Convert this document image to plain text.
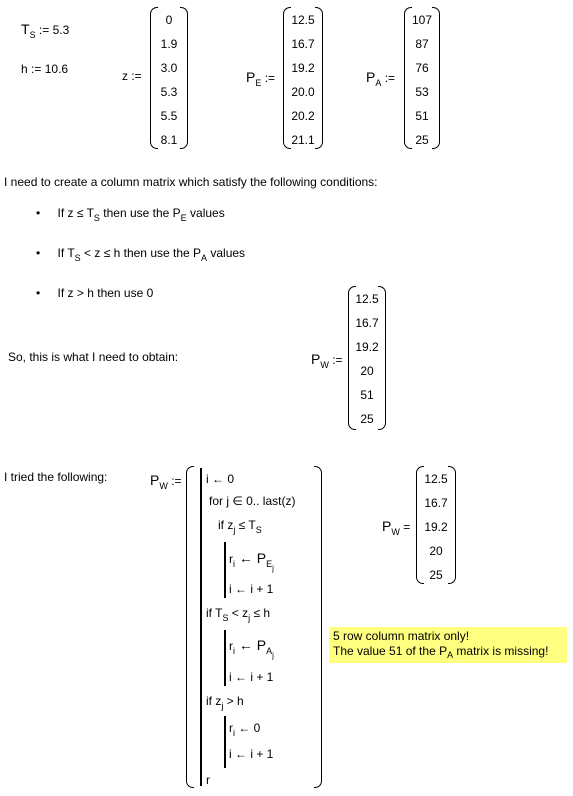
$T_S$ := 5.3
h := 10.6	z :=
0
1.9
3.0
5.3
5.5
8.1
$P_E$ :=
12.5
16.7
19.2
20.0
20.2
21.1
$P_A$ :=
107
87
76
53
51
25
I need to create a column matrix which satisfy the following conditions:
• If $z \le T_S$ then use the $P_E$ values
• If $T_S < z \le h$ then use the $P_A$ values
• If z > h then use 0
So, this is what I need to obtain:	$P_W$ :=
12.5
16.7
19.2
20
51
25
I tried the following:	$P_W$ := i ← 0
for j ∈ 0.. last(z)
if $z_j \le T_S$
$r_i$ ← $P_{Ej}$
i ← i + 1
if $T_S < z_j \le h$
$r_i$ ← $P_{Aj}$
i ← i + 1
if $z_j > h$
$r_i$ ← 0
i ← i + 1
r
$P_W$ =
12.5
16.7
19.2
20
25
5 row column matrix only!
The value 51 of the $P_A$ matrix is missing!
